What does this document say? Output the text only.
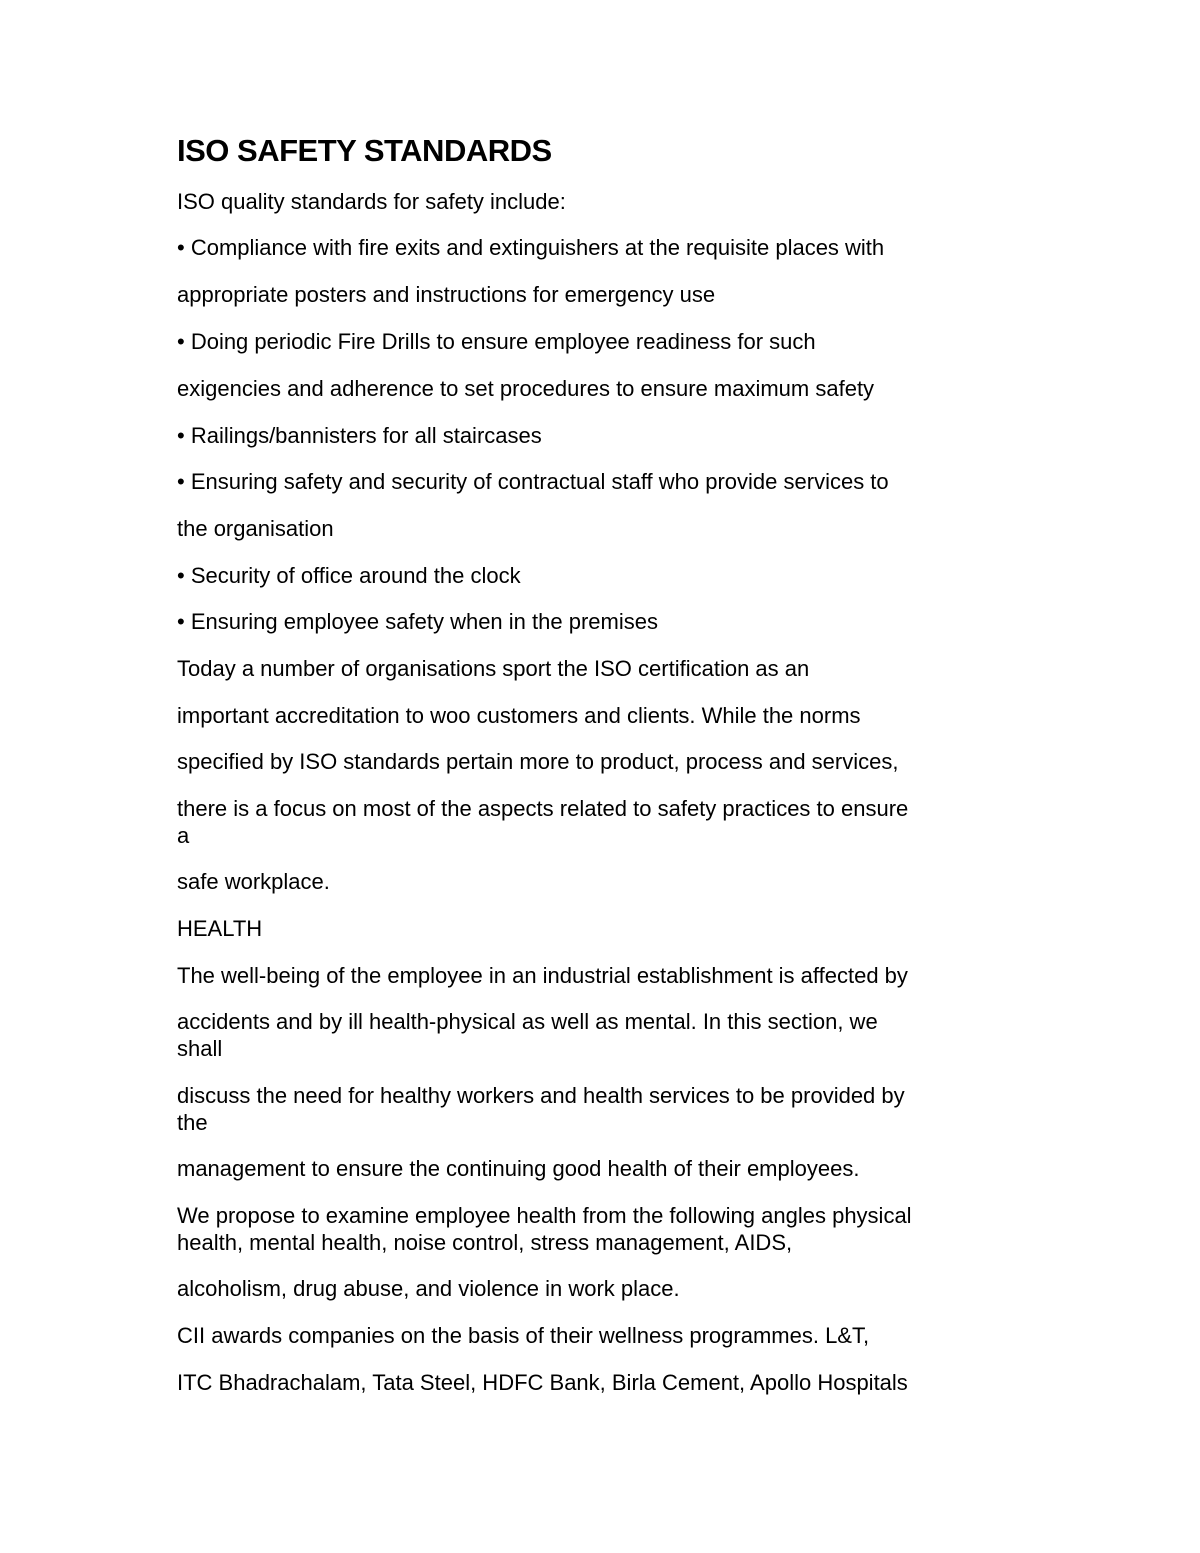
ISO SAFETY STANDARDS
ISO quality standards for safety include:
• Compliance with fire exits and extinguishers at the requisite places with
appropriate posters and instructions for emergency use
• Doing periodic Fire Drills to ensure employee readiness for such
exigencies and adherence to set procedures to ensure maximum safety
• Railings/bannisters for all staircases
• Ensuring safety and security of contractual staff who provide services to
the organisation
• Security of office around the clock
• Ensuring employee safety when in the premises
Today a number of organisations sport the ISO certification as an
important accreditation to woo customers and clients. While the norms
specified by ISO standards pertain more to product, process and services,
there is a focus on most of the aspects related to safety practices to ensure
a
safe workplace.
HEALTH
The well-being of the employee in an industrial establishment is affected by
accidents and by ill health-physical as well as mental. In this section, we
shall
discuss the need for healthy workers and health services to be provided by
the
management to ensure the continuing good health of their employees.
We propose to examine employee health from the following angles physical
health, mental health, noise control, stress management, AIDS,
alcoholism, drug abuse, and violence in work place.
CII awards companies on the basis of their wellness programmes. L&T,
ITC Bhadrachalam, Tata Steel, HDFC Bank, Birla Cement, Apollo Hospitals
